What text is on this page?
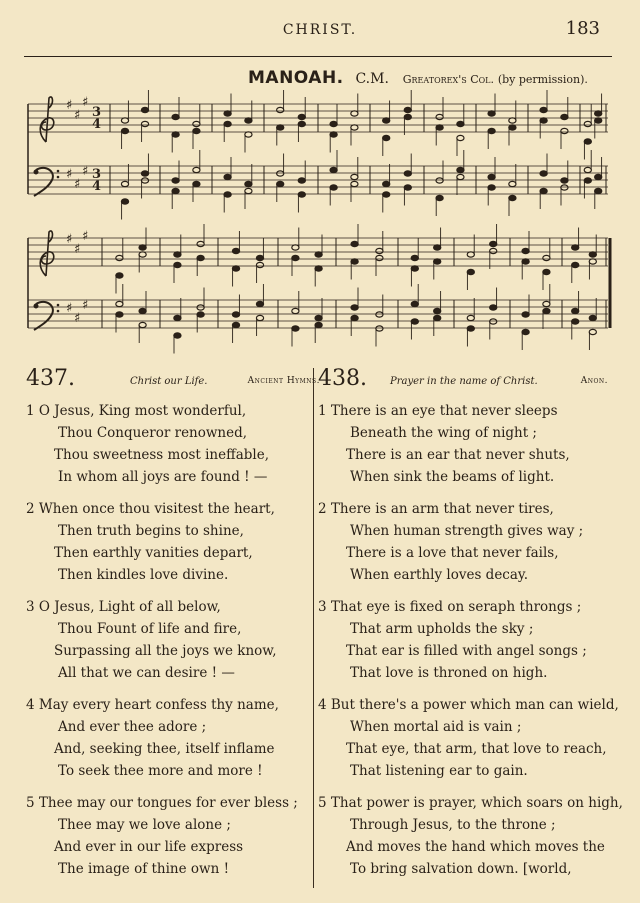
CHRIST.	183
MANOAH. C.M. Greatorex's Col. (by permission).
♯
♯
♯
♯
♯
♯
3
3
4
4
♯
♯
♯
♯
♯
♯
437.	Christ our Life.	Ancient Hymns.
1 O Jesus, King most wonderful,
Thou Conqueror renowned,
Thou sweetness most ineffable,
In whom all joys are found ! —
2 When once thou visitest the heart,
Then truth begins to shine,
Then earthly vanities depart,
Then kindles love divine.
3 O Jesus, Light of all below,
Thou Fount of life and fire,
Surpassing all the joys we know,
All that we can desire ! —
4 May every heart confess thy name,
And ever thee adore ;
And, seeking thee, itself inflame
To seek thee more and more !
5 Thee may our tongues for ever bless ;
Thee may we love alone ;
And ever in our life express
The image of thine own !
438. Prayer in the name of Christ.	Anon.
1 There is an eye that never sleeps
Beneath the wing of night ;
There is an ear that never shuts,
When sink the beams of light.
2 There is an arm that never tires,
When human strength gives way ;
There is a love that never fails,
When earthly loves decay.
3 That eye is fixed on seraph throngs ;
That arm upholds the sky ;
That ear is filled with angel songs ;
That love is throned on high.
4 But there's a power which man can wield,
When mortal aid is vain ;
That eye, that arm, that love to reach,
That listening ear to gain.
5 That power is prayer, which soars on high,
Through Jesus, to the throne ;
And moves the hand which moves the
To bring salvation down. [world,
